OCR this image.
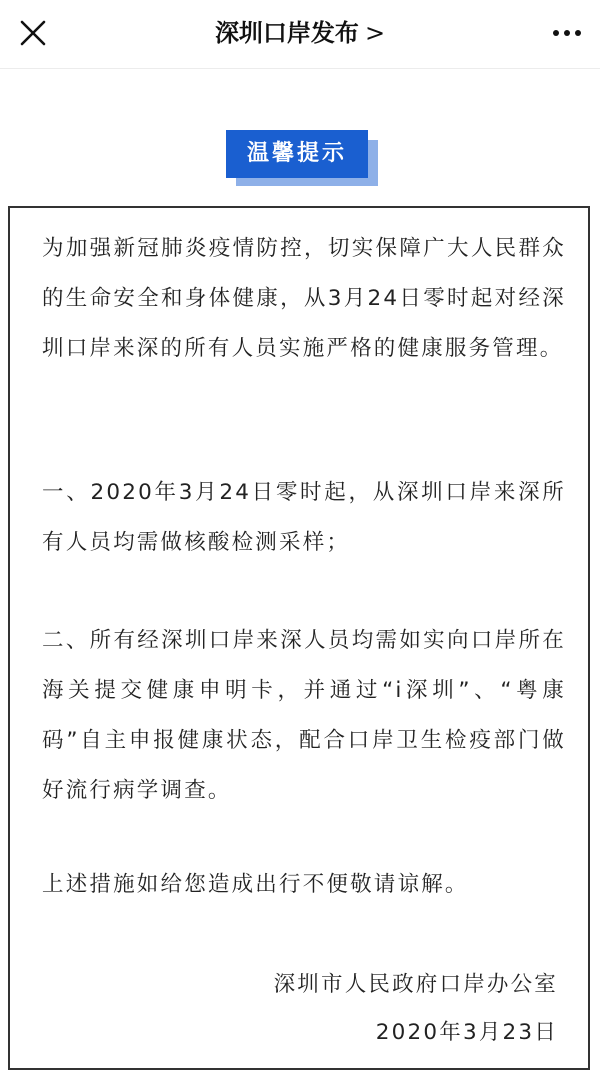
深圳口岸发布 >
温馨提示

为加强新冠肺炎疫情防控，切实保障广大人民群众的生命安全和身体健康，从3月24日零时起对经深圳口岸来深的所有人员实施严格的健康服务管理。

一、2020年3月24日零时起，从深圳口岸来深所有人员均需做核酸检测采样；

二、所有经深圳口岸来深人员均需如实向口岸所在海关提交健康申明卡，并通过“i深圳”、“粤康码”自主申报健康状态，配合口岸卫生检疫部门做好流行病学调查。

上述措施如给您造成出行不便敬请谅解。

深圳市人民政府口岸办公室
2020年3月23日
